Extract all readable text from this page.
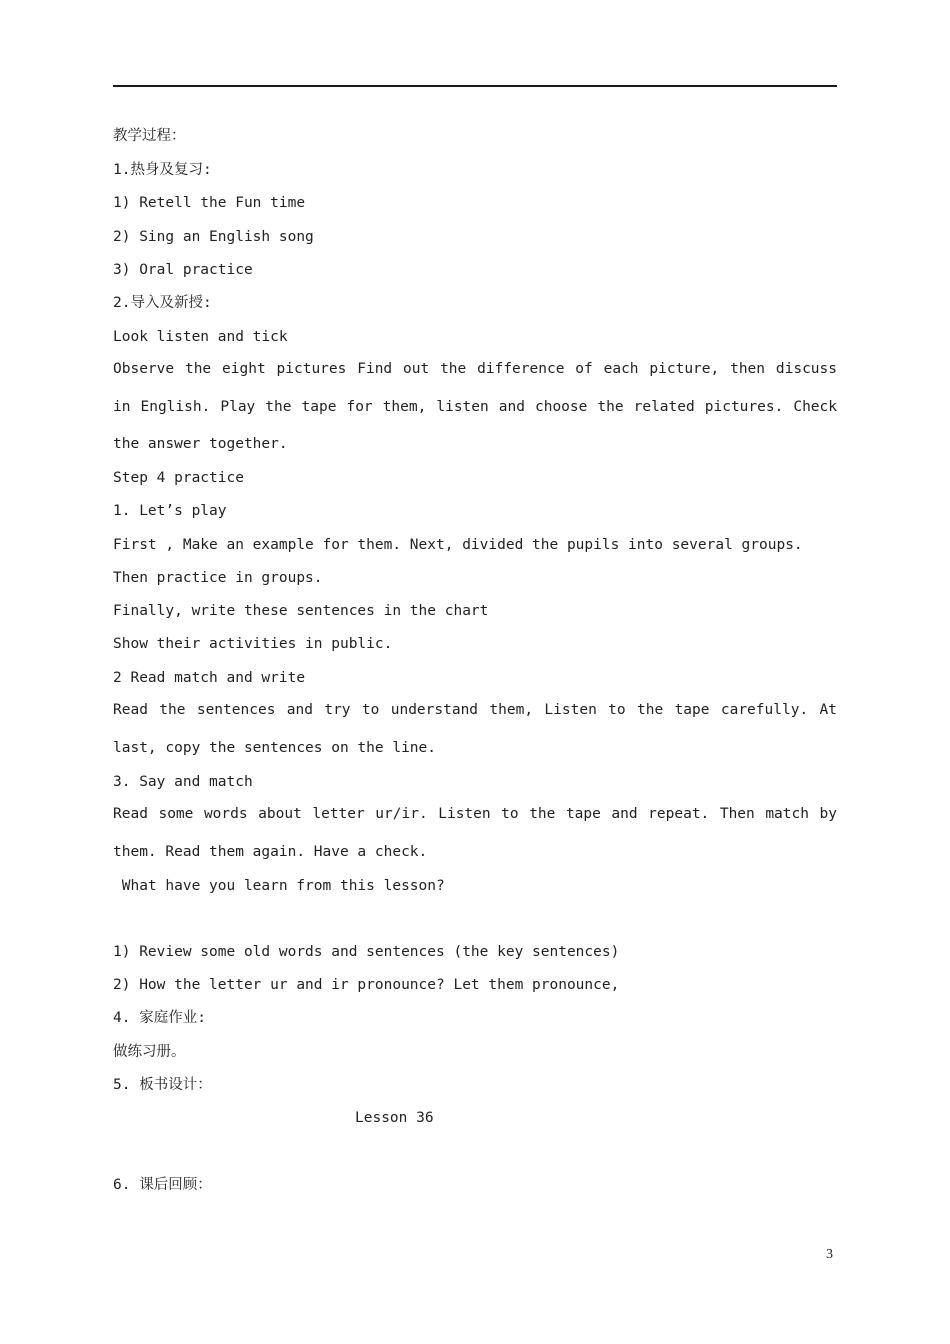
教学过程：
1.热身及复习:
1) Retell the Fun time
2) Sing an English song
3) Oral practice
2.导入及新授:
Look listen and tick
Observe the eight pictures Find out the difference of each picture, then discuss in English. Play the tape for them, listen and choose the related pictures. Check the answer together.
Step 4 practice
1. Let’s play
First , Make an example for them. Next, divided the pupils into several groups.
Then practice in groups.
Finally, write these sentences in the chart
Show their activities in public.
2 Read match and write
Read the sentences and try to understand them, Listen to the tape carefully. At last, copy the sentences on the line.
3. Say and match
Read some words about letter ur/ir. Listen to the tape and repeat. Then match by them. Read them again. Have a check.
What have you learn from this lesson?
1) Review some old words and sentences (the key sentences)
2) How the letter ur and ir pronounce? Let them pronounce,
4. 家庭作业:
做练习册。
5. 板书设计：
Lesson 36
6. 课后回顾：
3
